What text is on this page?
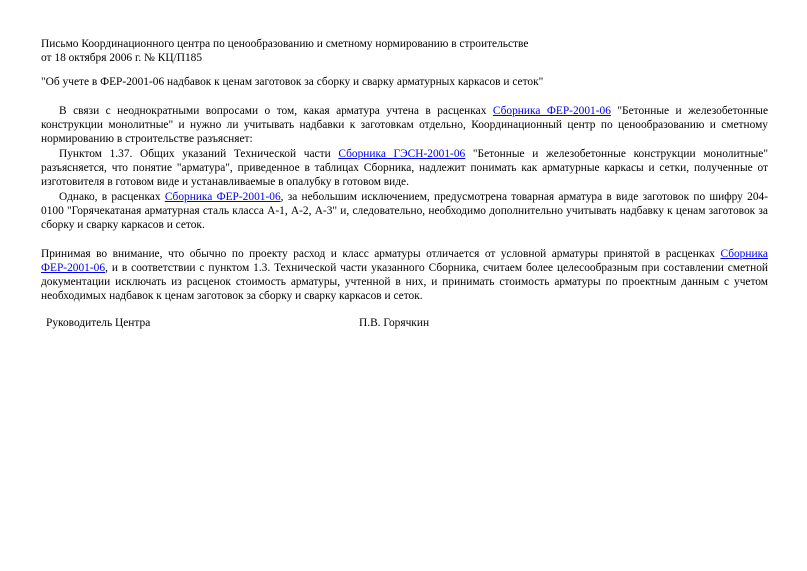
Письмо Координационного центра по ценообразованию и сметному нормированию в строительстве

от 18 октября 2006 г. № КЦ/П185

"Об учете в ФЕР-2001-06 надбавок к ценам заготовок за сборку и сварку арматурных каркасов и сеток"

В связи с неоднократными вопросами о том, какая арматура учтена в расценках Сборника ФЕР-2001-06 "Бетонные и железобетонные конструкции монолитные" и нужно ли учитывать надбавки к заготовкам отдельно, Координационный центр по ценообразованию и сметному нормированию в строительстве разъясняет:

Пунктом 1.37. Общих указаний Технической части Сборника ГЭСН-2001-06 "Бетонные и железобетонные конструкции монолитные" разъясняется, что понятие "арматура", приведенное в таблицах Сборника, надлежит понимать как арматурные каркасы и сетки, полученные от изготовителя в готовом виде и устанавливаемые в опалубку в готовом виде.

Однако, в расценках Сборника ФЕР-2001-06, за небольшим исключением, предусмотрена товарная арматура в виде заготовок по шифру 204-0100 "Горячекатаная арматурная сталь класса А-1, А-2, А-3" и, следовательно, необходимо дополнительно учитывать надбавку к ценам заготовок за сборку и сварку каркасов и сеток.

Принимая во внимание, что обычно по проекту расход и класс арматуры отличается от условной арматуры принятой в расценках Сборника ФЕР-2001-06, и в соответствии с пунктом 1.3. Технической части указанного Сборника, считаем более целесообразным при составлении сметной документации исключать из расценок стоимость арматуры, учтенной в них, и принимать стоимость арматуры по проектным данным с учетом необходимых надбавок к ценам заготовок за сборку и сварку каркасов и сеток.

Руководитель Центра	П.В. Горячкин
